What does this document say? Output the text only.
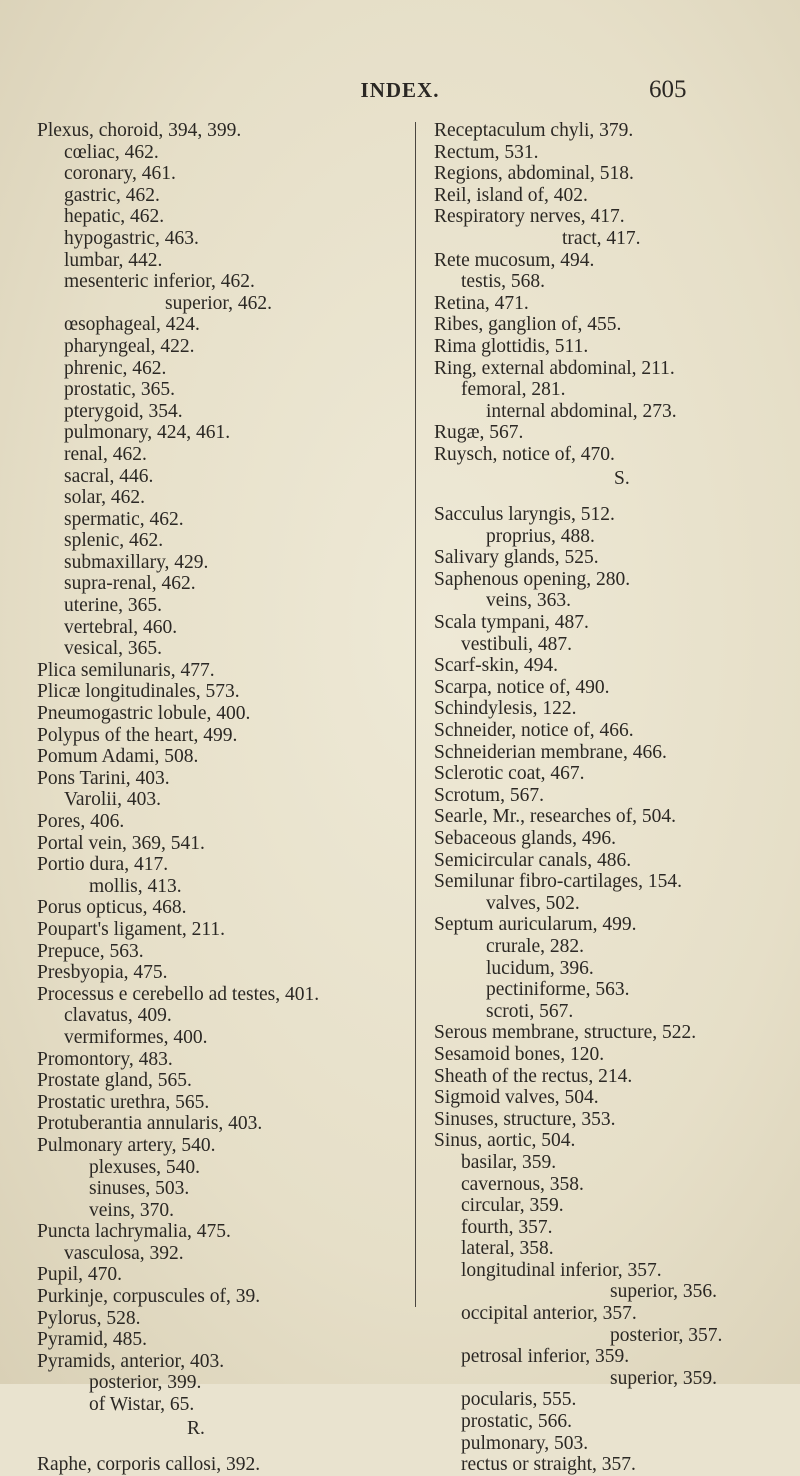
INDEX.	605
Plexus, choroid, 394, 399.
cœliac, 462.
coronary, 461.
gastric, 462.
hepatic, 462.
hypogastric, 463.
lumbar, 442.
mesenteric inferior, 462.
superior, 462.
œsophageal, 424.
pharyngeal, 422.
phrenic, 462.
prostatic, 365.
pterygoid, 354.
pulmonary, 424, 461.
renal, 462.
sacral, 446.
solar, 462.
spermatic, 462.
splenic, 462.
submaxillary, 429.
supra-renal, 462.
uterine, 365.
vertebral, 460.
vesical, 365.
Plica semilunaris, 477.
Plicæ longitudinales, 573.
Pneumogastric lobule, 400.
Polypus of the heart, 499.
Pomum Adami, 508.
Pons Tarini, 403.
Varolii, 403.
Pores, 406.
Portal vein, 369, 541.
Portio dura, 417.
mollis, 413.
Porus opticus, 468.
Poupart's ligament, 211.
Prepuce, 563.
Presbyopia, 475.
Processus e cerebello ad testes, 401.
clavatus, 409.
vermiformes, 400.
Promontory, 483.
Prostate gland, 565.
Prostatic urethra, 565.
Protuberantia annularis, 403.
Pulmonary artery, 540.
plexuses, 540.
sinuses, 503.
veins, 370.
Puncta lachrymalia, 475.
vasculosa, 392.
Pupil, 470.
Purkinje, corpuscules of, 39.
Pylorus, 528.
Pyramid, 485.
Pyramids, anterior, 403.
posterior, 399.
of Wistar, 65.
R.
Raphe, corporis callosi, 392.
Receptaculum chyli, 379.
Rectum, 531.
Regions, abdominal, 518.
Reil, island of, 402.
Respiratory nerves, 417.
tract, 417.
Rete mucosum, 494.
testis, 568.
Retina, 471.
Ribes, ganglion of, 455.
Rima glottidis, 511.
Ring, external abdominal, 211.
femoral, 281.
internal abdominal, 273.
Rugæ, 567.
Ruysch, notice of, 470.
S.
Sacculus laryngis, 512.
proprius, 488.
Salivary glands, 525.
Saphenous opening, 280.
veins, 363.
Scala tympani, 487.
vestibuli, 487.
Scarf-skin, 494.
Scarpa, notice of, 490.
Schindylesis, 122.
Schneider, notice of, 466.
Schneiderian membrane, 466.
Sclerotic coat, 467.
Scrotum, 567.
Searle, Mr., researches of, 504.
Sebaceous glands, 496.
Semicircular canals, 486.
Semilunar fibro-cartilages, 154.
valves, 502.
Septum auricularum, 499.
crurale, 282.
lucidum, 396.
pectiniforme, 563.
scroti, 567.
Serous membrane, structure, 522.
Sesamoid bones, 120.
Sheath of the rectus, 214.
Sigmoid valves, 504.
Sinuses, structure, 353.
Sinus, aortic, 504.
basilar, 359.
cavernous, 358.
circular, 359.
fourth, 357.
lateral, 358.
longitudinal inferior, 357.
superior, 356.
occipital anterior, 357.
posterior, 357.
petrosal inferior, 359.
superior, 359.
pocularis, 555.
prostatic, 566.
pulmonary, 503.
rectus or straight, 357.
